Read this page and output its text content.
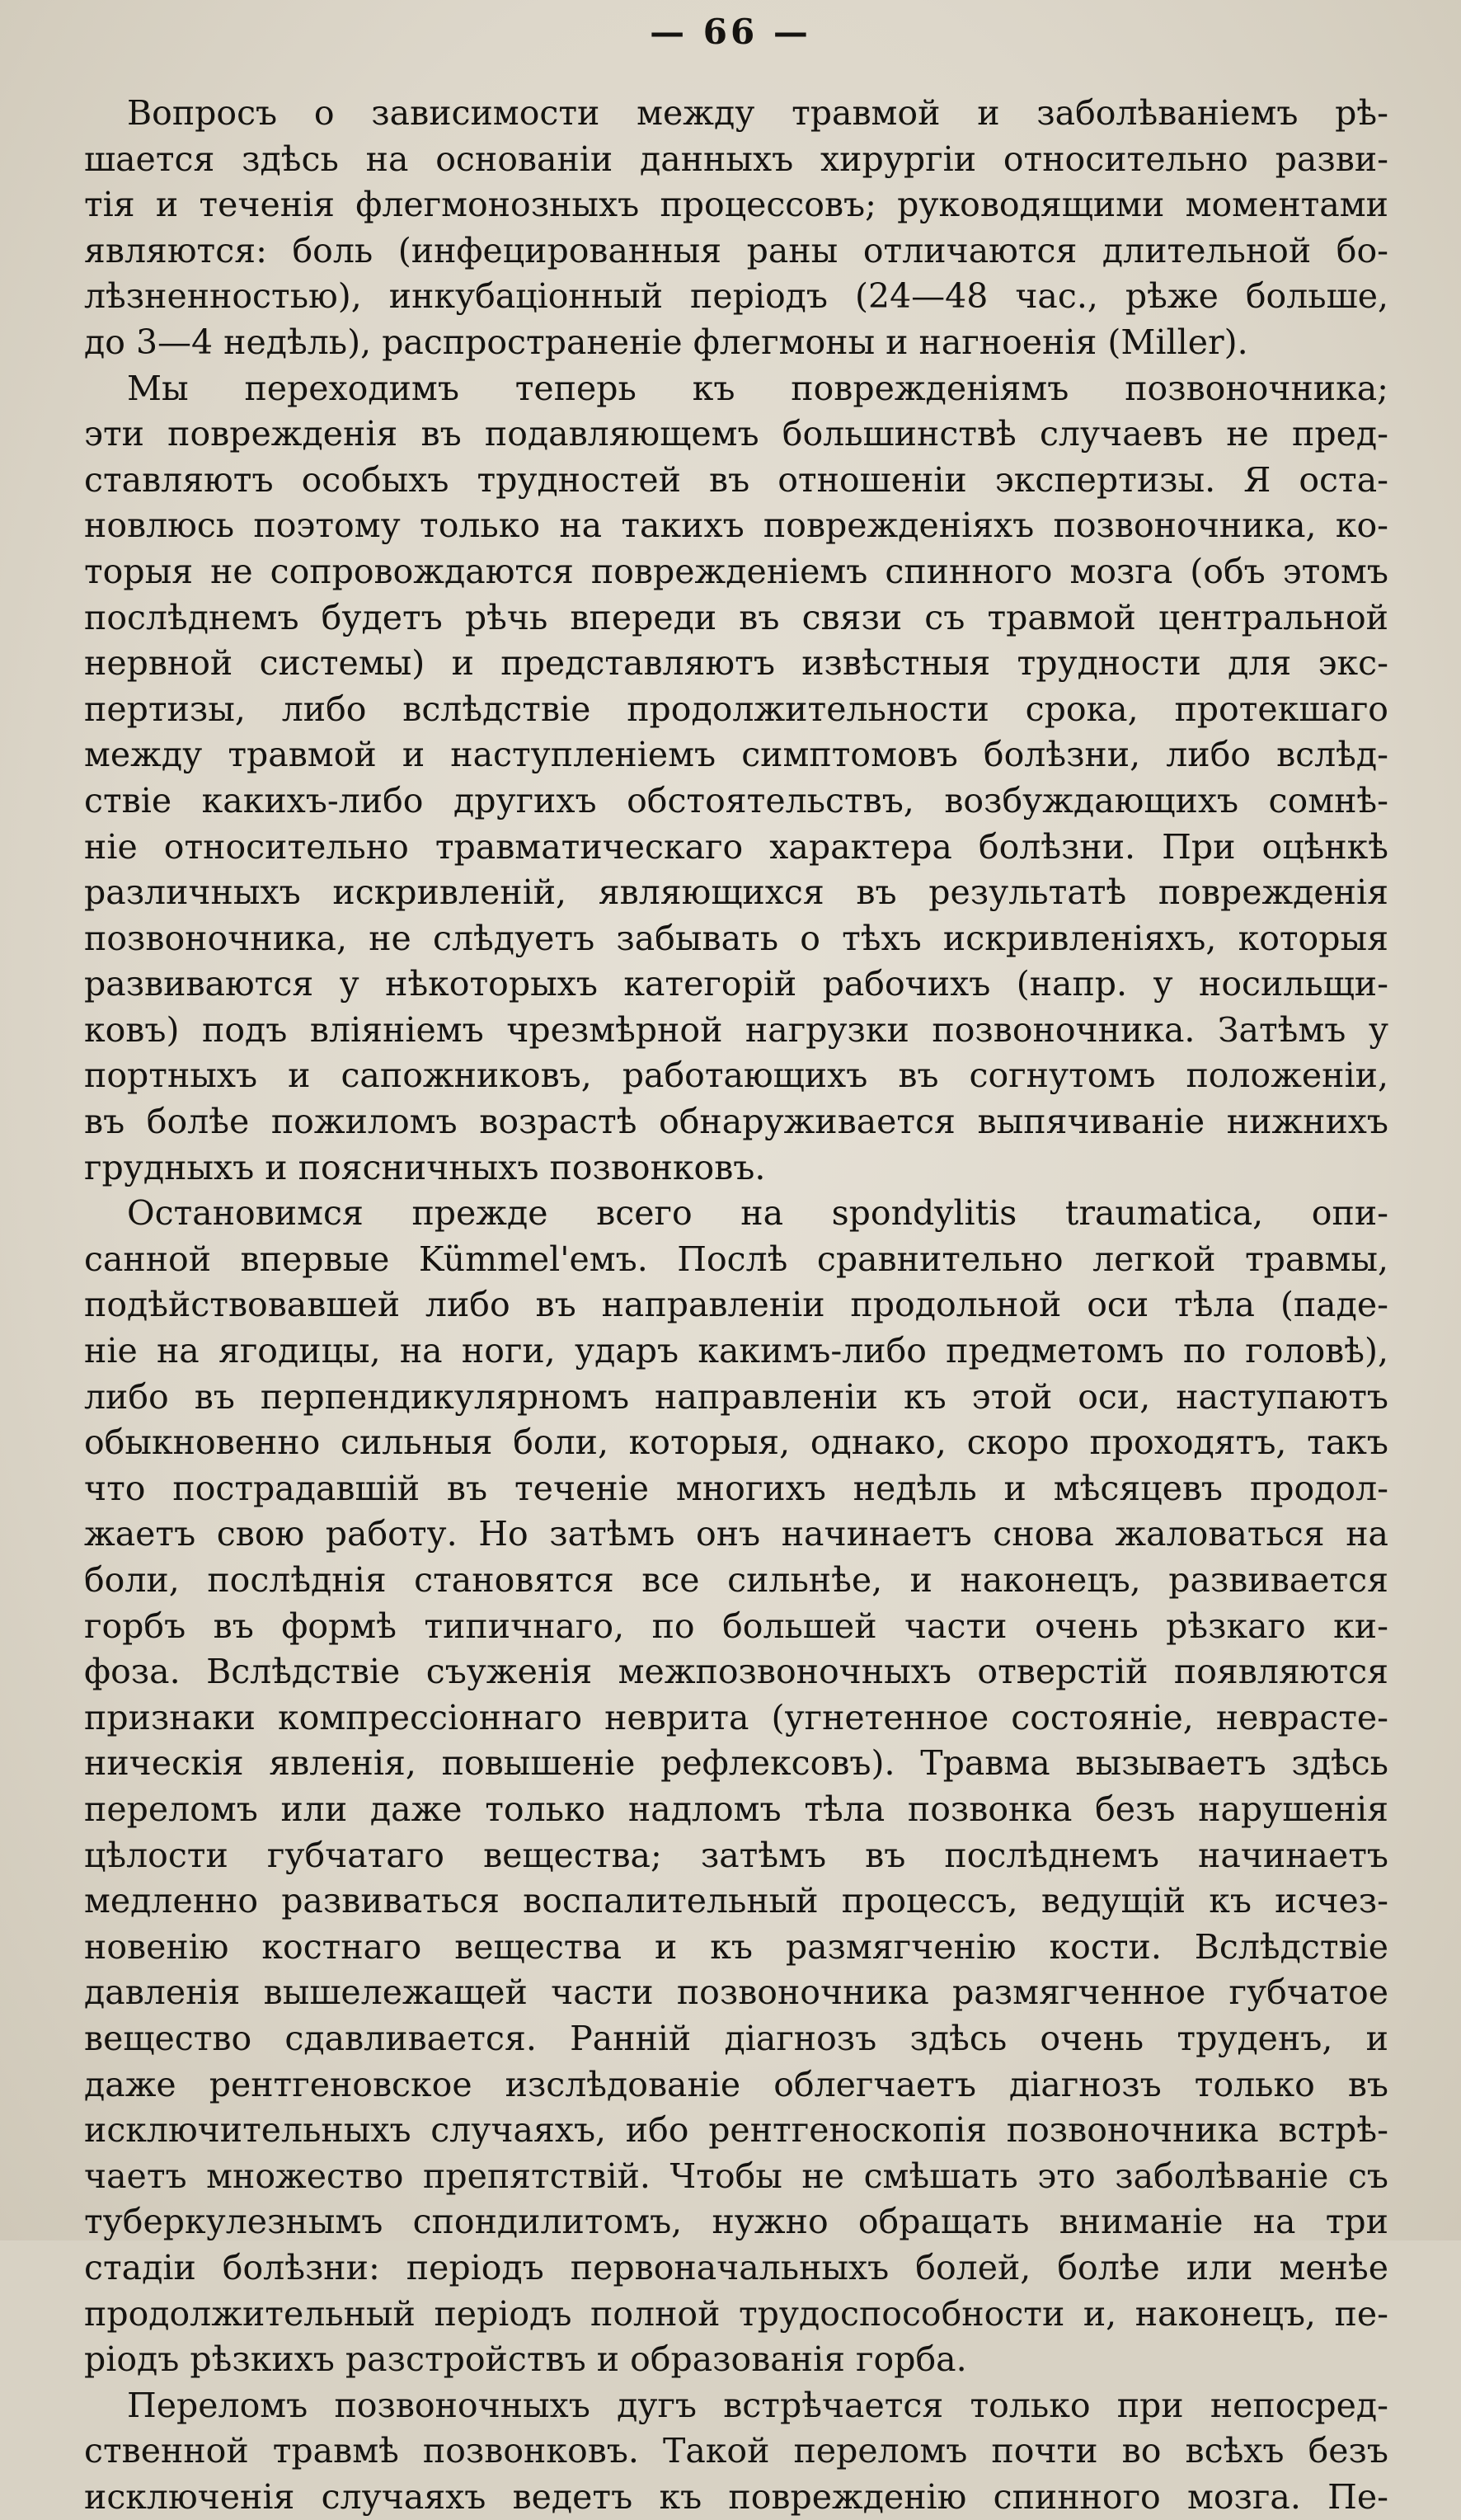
— 66 —
Вопросъ о зависимости между травмой и заболѣваніемъ рѣ-
шается здѣсь на основаніи данныхъ хирургіи относительно разви-
тія и теченія флегмонозныхъ процессовъ; руководящими моментами
являются: боль (инфецированныя раны отличаются длительной бо-
лѣзненностью), инкубаціонный періодъ (24—48 час., рѣже больше,
до 3—4 недѣль), распространеніе флегмоны и нагноенія (Miller).
Мы переходимъ теперь къ поврежденіямъ позвоночника;
эти поврежденія въ подавляющемъ большинствѣ случаевъ не пред-
ставляютъ особыхъ трудностей въ отношеніи экспертизы. Я оста-
новлюсь поэтому только на такихъ поврежденіяхъ позвоночника, ко-
торыя не сопровождаются поврежденіемъ спинного мозга (объ этомъ
послѣднемъ будетъ рѣчь впереди въ связи съ травмой центральной
нервной системы) и представляютъ извѣстныя трудности для экс-
пертизы, либо вслѣдствіе продолжительности срока, протекшаго
между травмой и наступленіемъ симптомовъ болѣзни, либо вслѣд-
ствіе какихъ-либо другихъ обстоятельствъ, возбуждающихъ сомнѣ-
ніе относительно травматическаго характера болѣзни. При оцѣнкѣ
различныхъ искривленій, являющихся въ результатѣ поврежденія
позвоночника, не слѣдуетъ забывать о тѣхъ искривленіяхъ, которыя
развиваются у нѣкоторыхъ категорій рабочихъ (напр. у носильщи-
ковъ) подъ вліяніемъ чрезмѣрной нагрузки позвоночника. Затѣмъ у
портныхъ и сапожниковъ, работающихъ въ согнутомъ положеніи,
въ болѣе пожиломъ возрастѣ обнаруживается выпячиваніе нижнихъ
грудныхъ и поясничныхъ позвонковъ.
Остановимся прежде всего на spondylitis traumatica, опи-
санной впервые Kümmel'емъ. Послѣ сравнительно легкой травмы,
подѣйствовавшей либо въ направленіи продольной оси тѣла (паде-
ніе на ягодицы, на ноги, ударъ какимъ-либо предметомъ по головѣ),
либо въ перпендикулярномъ направленіи къ этой оси, наступаютъ
обыкновенно сильныя боли, которыя, однако, скоро проходятъ, такъ
что пострадавшій въ теченіе многихъ недѣль и мѣсяцевъ продол-
жаетъ свою работу. Но затѣмъ онъ начинаетъ снова жаловаться на
боли, послѣднія становятся все сильнѣе, и наконецъ, развивается
горбъ въ формѣ типичнаго, по большей части очень рѣзкаго ки-
фоза. Вслѣдствіе съуженія межпозвоночныхъ отверстій появляются
признаки компрессіоннаго неврита (угнетенное состояніе, неврасте-
ническія явленія, повышеніе рефлексовъ). Травма вызываетъ здѣсь
переломъ или даже только надломъ тѣла позвонка безъ нарушенія
цѣлости губчатаго вещества; затѣмъ въ послѣднемъ начинаетъ
медленно развиваться воспалительный процессъ, ведущій къ исчез-
новенію костнаго вещества и къ размягченію кости. Вслѣдствіе
давленія вышележащей части позвоночника размягченное губчатое
вещество сдавливается. Ранній діагнозъ здѣсь очень труденъ, и
даже рентгеновское изслѣдованіе облегчаетъ діагнозъ только въ
исключительныхъ случаяхъ, ибо рентгеноскопія позвоночника встрѣ-
чаетъ множество препятствій. Чтобы не смѣшать это заболѣваніе съ
туберкулезнымъ спондилитомъ, нужно обращать вниманіе на три
стадіи болѣзни: періодъ первоначальныхъ болей, болѣе или менѣе
продолжительный періодъ полной трудоспособности и, наконецъ, пе-
ріодъ рѣзкихъ разстройствъ и образованія горба.
Переломъ позвоночныхъ дугъ встрѣчается только при непосред-
ственной травмѣ позвонковъ. Такой переломъ почти во всѣхъ безъ
исключенія случаяхъ ведетъ къ поврежденію спинного мозга. Пе-
